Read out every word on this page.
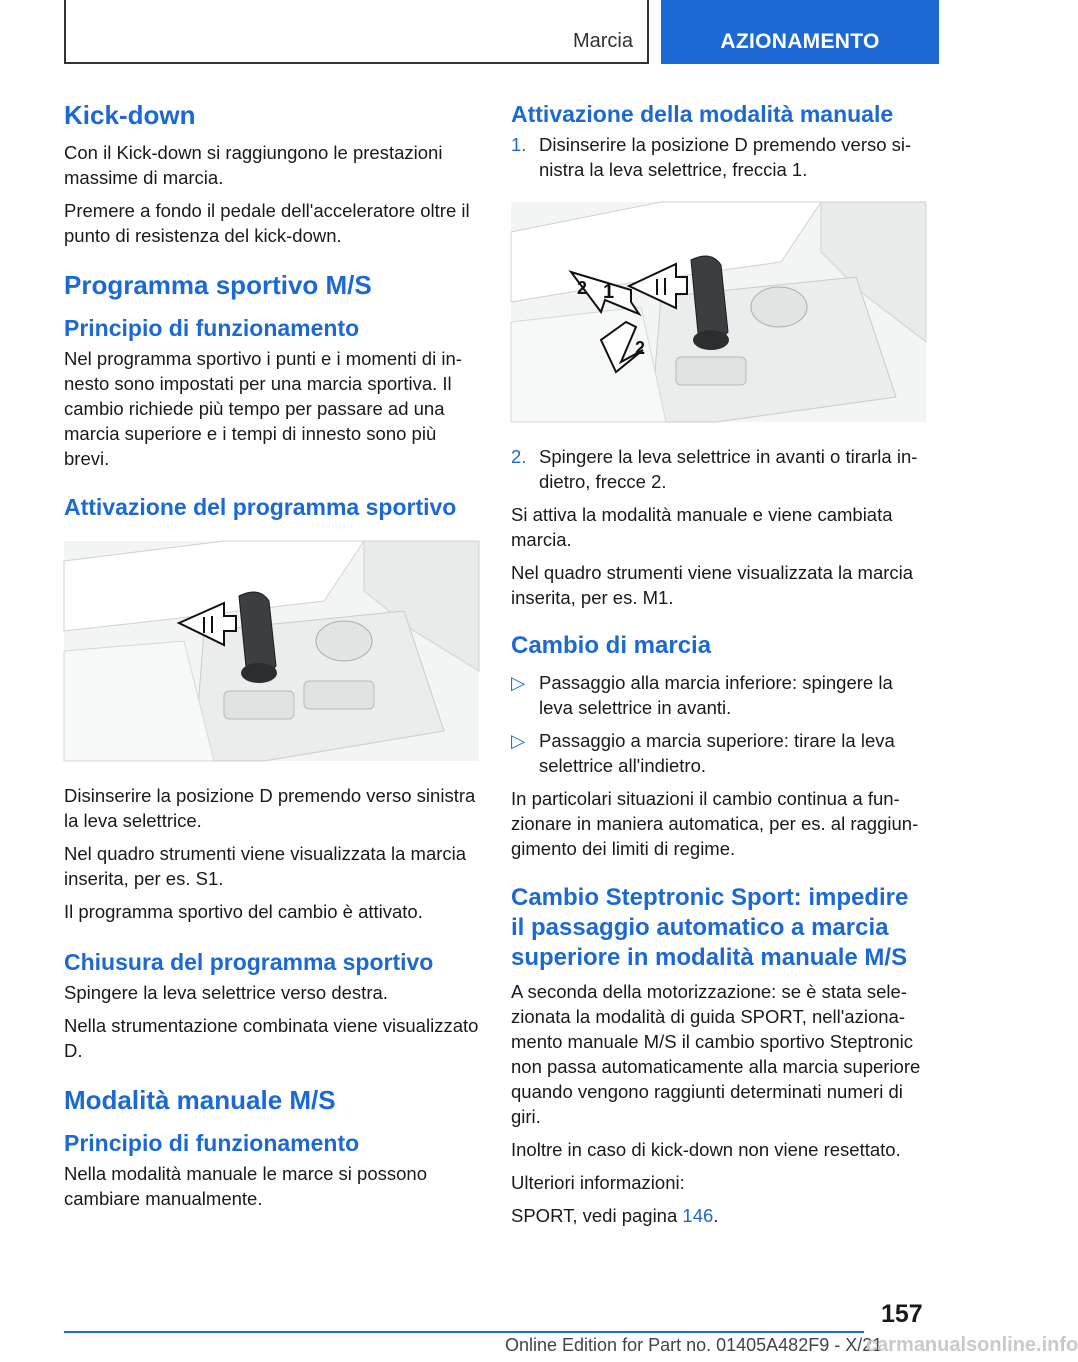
Marcia	AZIONAMENTO
Kick-down

Con il Kick-down si raggiungono le prestazioni massime di marcia.

Premere a fondo il pedale dell'acceleratore oltre il punto di resistenza del kick-down.

Programma sportivo M/S
Principio di funzionamento

Nel programma sportivo i punti e i momenti di innesto sono impostati per una marcia sportiva. Il cambio richiede più tempo per passare ad una marcia superiore e i tempi di innesto sono più brevi.

Attivazione del programma sportivo

Disinserire la posizione D premendo verso sinistra la leva selettrice.

Nel quadro strumenti viene visualizzata la marcia inserita, per es. S1.

Il programma sportivo del cambio è attivato.

Chiusura del programma sportivo

Spingere la leva selettrice verso destra.

Nella strumentazione combinata viene visualizzato D.

Modalità manuale M/S
Principio di funzionamento

Nella modalità manuale le marce si possono cambiare manualmente.

Attivazione della modalità manuale
1. Disinserire la posizione D premendo verso sinistra la leva selettrice, freccia 1.
1
2
2
2. Spingere la leva selettrice in avanti o tirarla indietro, frecce 2.

Si attiva la modalità manuale e viene cambiata marcia.

Nel quadro strumenti viene visualizzata la marcia inserita, per es. M1.

Cambio di marcia
▷ Passaggio alla marcia inferiore: spingere la leva selettrice in avanti.
▷ Passaggio a marcia superiore: tirare la leva selettrice all'indietro.

In particolari situazioni il cambio continua a funzionare in maniera automatica, per es. al raggiungimento dei limiti di regime.

Cambio Steptronic Sport: impedire il passaggio automatico a marcia superiore in modalità manuale M/S

A seconda della motorizzazione: se è stata selezionata la modalità di guida SPORT, nell'azionamento manuale M/S il cambio sportivo Steptronic non passa automaticamente alla marcia superiore quando vengono raggiunti determinati numeri di giri.

Inoltre in caso di kick-down non viene resettato.

Ulteriori informazioni:

SPORT, vedi pagina 146.

157
Online Edition for Part no. 01405A482F9 - X/21
carmanualsonline.info
